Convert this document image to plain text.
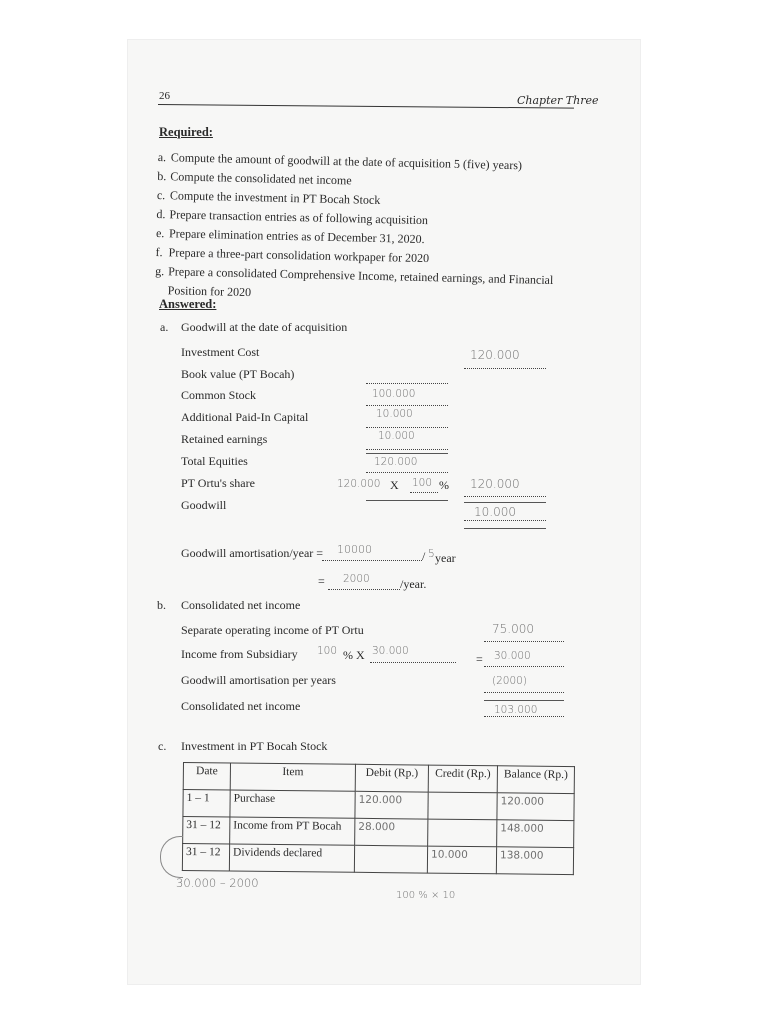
26	Chapter Three
Required:
a. Compute the amount of goodwill at the date of acquisition 5 (five) years)
b. Compute the consolidated net income
c. Compute the investment in PT Bocah Stock
d. Prepare transaction entries as of following acquisition
e. Prepare elimination entries as of December 31, 2020.
f. Prepare a three-part consolidation workpaper for 2020
g. Prepare a consolidated Comprehensive Income, retained earnings, and Financial
Position for 2020
Answered:
a. Goodwill at the date of acquisition
Investment Cost	120.000
Book value (PT Bocah)
Common Stock	100.000
Additional Paid-In Capital	10.000
Retained earnings	10.000
Total Equities	120.000
PT Ortu's share	120.000 X 100 % 120.000
Goodwill	10.000
Goodwill amortisation/year = 10000	/ 5 year
= 2000	/year.
b. Consolidated net income
Separate operating income of PT Ortu	75.000
Income from Subsidiary 100 % X 30.000
= 30.000
Goodwill amortisation per years	(2000)
Consolidated net income	103.000
c. Investment in PT Bocah Stock
Date	Item	Debit (Rp.)	Credit (Rp.)	Balance (Rp.)
1 – 1	Purchase	120.000		120.000
31 – 12	Income from PT Bocah	28.000		148.000
31 – 12	Dividends declared		10.000	138.000
30.000 – 2000
100 % × 10
